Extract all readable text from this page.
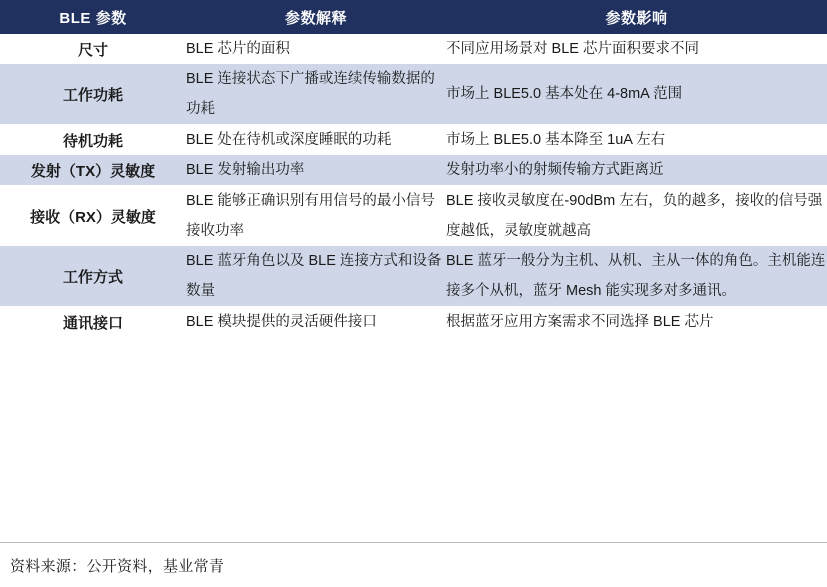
BLE 参数	参数解释	参数影响
尺寸	BLE 芯片的面积	不同应用场景对 BLE 芯片面积要求不同
工作功耗	BLE 连接状态下广播或连续传输数据的功耗	市场上 BLE5.0 基本处在 4-8mA 范围
待机功耗	BLE 处在待机或深度睡眠的功耗	市场上 BLE5.0 基本降至 1uA 左右
发射（TX）灵敏度	BLE 发射输出功率	发射功率小的射频传输方式距离近
接收（RX）灵敏度	BLE 能够正确识别有用信号的最小信号接收功率	BLE 接收灵敏度在-90dBm 左右，负的越多，接收的信号强度越低，灵敏度就越高
工作方式	BLE 蓝牙角色以及 BLE 连接方式和设备数量	BLE 蓝牙一般分为主机、从机、主从一体的角色。主机能连接多个从机，蓝牙 Mesh 能实现多对多通讯。
通讯接口	BLE 模块提供的灵活硬件接口	根据蓝牙应用方案需求不同选择 BLE 芯片
资料来源：公开资料，基业常青
